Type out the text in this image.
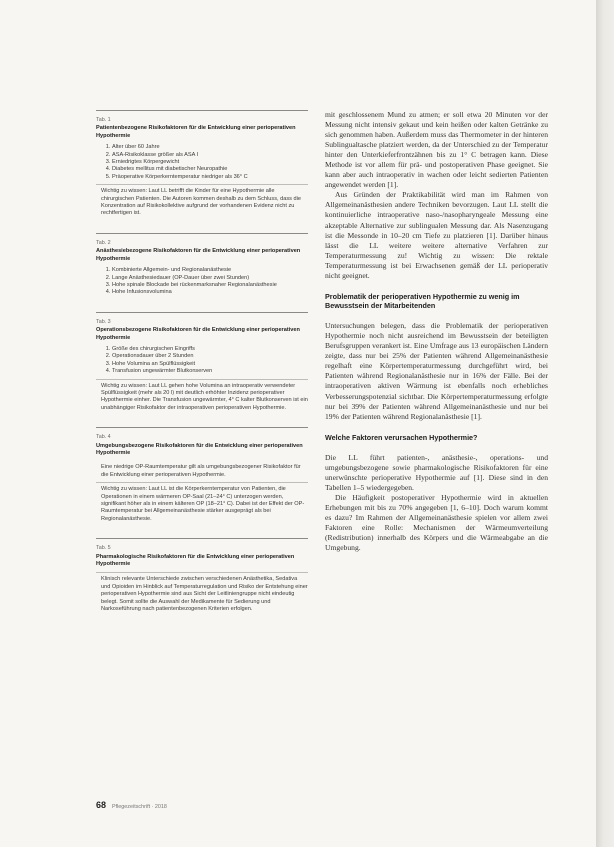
Tab. 1
Patientenbezogene Risikofaktoren für die Entwicklung einer perioperativen Hypothermie
1. Alter über 60 Jahre
2. ASA-Risikoklasse größer als ASA I
3. Erniedrigtes Körpergewicht
4. Diabetes mellitus mit diabetischer Neuropathie
5. Präoperative Körperkerntemperatur niedriger als 36° C
Wichtig zu wissen: Laut LL betrifft die Kinder für eine Hypothermie alle chirurgischen Patienten. Die Autoren kommen deshalb zu dem Schluss, dass die Konzentration auf Risikokollektive aufgrund der vorhandenen Evidenz nicht zu rechtfertigen ist.
Tab. 2
Anästhesiebezogene Risikofaktoren für die Entwicklung einer perioperativen Hypothermie
1. Kombinierte Allgemein- und Regionalanästhesie
2. Lange Anästhesiedauer (OP-Dauer über zwei Stunden)
3. Hohe spinale Blockade bei rückenmarksnaher Regionalanästhesie
4. Hohe Infusionsvolumina
Tab. 3
Operationsbezogene Risikofaktoren für die Entwicklung einer perioperativen Hypothermie
1. Größe des chirurgischen Eingriffs
2. Operationsdauer über 2 Stunden
3. Hohe Volumina an Spülflüssigkeit
4. Transfusion ungewärmter Blutkonserven
Wichtig zu wissen: Laut LL gehen hohe Volumina an intraoperativ verwendeter Spülflüssigkeit (mehr als 20 l) mit deutlich erhöhter Inzidenz perioperativer Hypothermie einher. Die Transfusion ungewärmter, 4° C kalter Blutkonserven ist ein unabhängiger Risikofaktor der intraoperativen perioperativen Hypothermie.
Tab. 4
Umgebungsbezogene Risikofaktoren für die Entwicklung einer perioperativen Hypothermie
Eine niedrige OP-Raumtemperatur gilt als umgebungsbezogener Risikofaktor für die Entwicklung einer perioperativen Hypothermie.
Wichtig zu wissen: Laut LL ist die Körperkerntemperatur von Patienten, die Operationen in einem wärmeren OP-Saal (21–24° C) unterzogen werden, signifikant höher als in einem kälteren OP (18–21° C). Dabei ist der Effekt der OP-Raumtemperatur bei Allgemeinanästhesie stärker ausgeprägt als bei Regionalanästhesie.
Tab. 5
Pharmakologische Risikofaktoren für die Entwicklung einer perioperativen Hypothermie
Klinisch relevante Unterschiede zwischen verschiedenen Anästhetika, Sedativa und Opioiden im Hinblick auf Temperaturregulation und Risiko der Entstehung einer perioperativen Hypothermie sind aus Sicht der Leitliniengruppe nicht eindeutig belegt. Somit sollte die Auswahl der Medikamente für Sedierung und Narkoseführung nach patientenbezogenen Kriterien erfolgen.

mit geschlossenem Mund zu atmen; er soll etwa 20 Minuten vor der Messung nicht intensiv gekaut und kein heißen oder kalten Getränke zu sich genommen haben. Außerdem muss das Thermometer in der hinteren Sublingualtasche platziert werden, da der Unterschied zu der Temperatur hinter den Unterkieferfrontzähnen bis zu 1° C betragen kann. Diese Methode ist vor allem für prä- und postoperativen Phase geeignet. Sie kann aber auch intraoperativ in wachen oder leicht sedierten Patienten angewendet werden [1].

Aus Gründen der Praktikabilität wird man im Rahmen von Allgemeinanästhesien andere Techniken bevorzugen. Laut LL stellt die kontinuierliche intraoperative naso-/nasopharyngeale Messung eine akzeptable Alternative zur sublingualen Messung dar. Als Nasenzugang ist die Messonde in 10–20 cm Tiefe zu platzieren [1]. Darüber hinaus lässt die LL weitere weitere alternative Verfahren zur Temperaturmessung zu! Wichtig zu wissen: Die rektale Temperaturmessung ist bei Erwachsenen gemäß der LL perioperativ nicht geeignet.

Problematik der perioperativen Hypothermie zu wenig im Bewusstsein der Mitarbeitenden

Untersuchungen belegen, dass die Problematik der perioperativen Hypothermie noch nicht ausreichend im Bewusstsein der beteiligten Berufsgruppen verankert ist. Eine Umfrage aus 13 europäischen Ländern zeigte, dass nur bei 25% der Patienten während Allgemeinanästhesie regelhaft eine Körpertemperaturmessung durchgeführt wird, bei Patienten während Regionalanästhesie nur in 16% der Fälle. Bei der intraoperativen aktiven Wärmung ist ebenfalls noch erhebliches Verbesserungspotenzial sichtbar. Die Körpertemperaturmessung erfolgte nur bei 39% der Patienten während Allgemeinanästhesie und nur bei 19% der Patienten während Regionalanästhesie [1].

Welche Faktoren verursachen Hypothermie?

Die LL führt patienten-, anästhesie-, operations- und umgebungsbezogene sowie pharmakologische Risikofaktoren für eine unerwünschte perioperative Hypothermie auf [1]. Diese sind in den Tabellen 1–5 wiedergegeben.

Die Häufigkeit postoperativer Hypothermie wird in aktuellen Erhebungen mit bis zu 70% angegeben [1, 6–10]. Doch warum kommt es dazu? Im Rahmen der Allgemeinanästhesie spielen vor allem zwei Faktoren eine Rolle: Mechanismen der Wärmeumverteilung (Redistribution) innerhalb des Körpers und die Wärmeabgabe an die Umgebung.

68 Pflegezeitschrift · 2018
